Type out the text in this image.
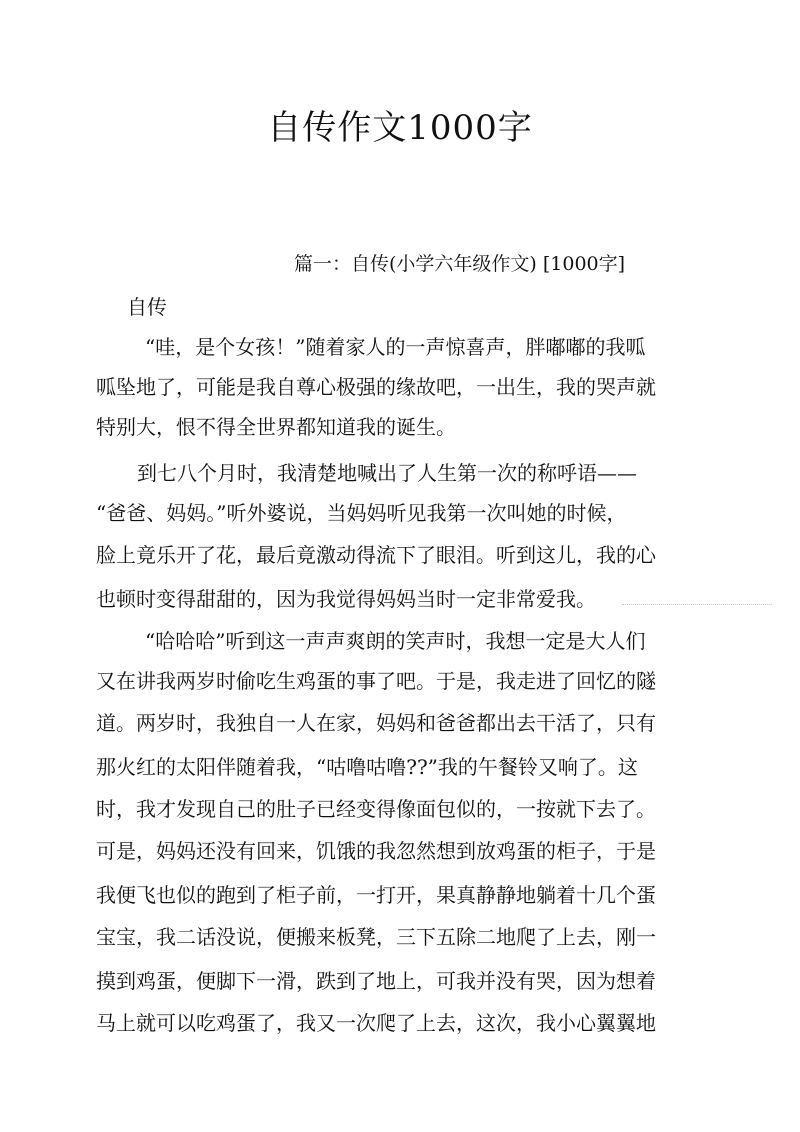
自传作文1000字
篇一：自传(小学六年级作文) [1000字]
自传
“哇，是个女孩！”随着家人的一声惊喜声，胖嘟嘟的我呱
呱坠地了，可能是我自尊心极强的缘故吧，一出生，我的哭声就
特别大，恨不得全世界都知道我的诞生。
到七八个月时，我清楚地喊出了人生第一次的称呼语——
“爸爸、妈妈。”听外婆说，当妈妈听见我第一次叫她的时候，
脸上竟乐开了花，最后竟激动得流下了眼泪。听到这儿，我的心
也顿时变得甜甜的，因为我觉得妈妈当时一定非常爱我。
“哈哈哈”听到这一声声爽朗的笑声时，我想一定是大人们
又在讲我两岁时偷吃生鸡蛋的事了吧。于是，我走进了回忆的隧
道。两岁时，我独自一人在家，妈妈和爸爸都出去干活了，只有
那火红的太阳伴随着我，“咕噜咕噜??”我的午餐铃又响了。这
时，我才发现自己的肚子已经变得像面包似的，一按就下去了。
可是，妈妈还没有回来，饥饿的我忽然想到放鸡蛋的柜子，于是
我便飞也似的跑到了柜子前，一打开，果真静静地躺着十几个蛋
宝宝，我二话没说，便搬来板凳，三下五除二地爬了上去，刚一
摸到鸡蛋，便脚下一滑，跌到了地上，可我并没有哭，因为想着
马上就可以吃鸡蛋了，我又一次爬了上去，这次，我小心翼翼地
